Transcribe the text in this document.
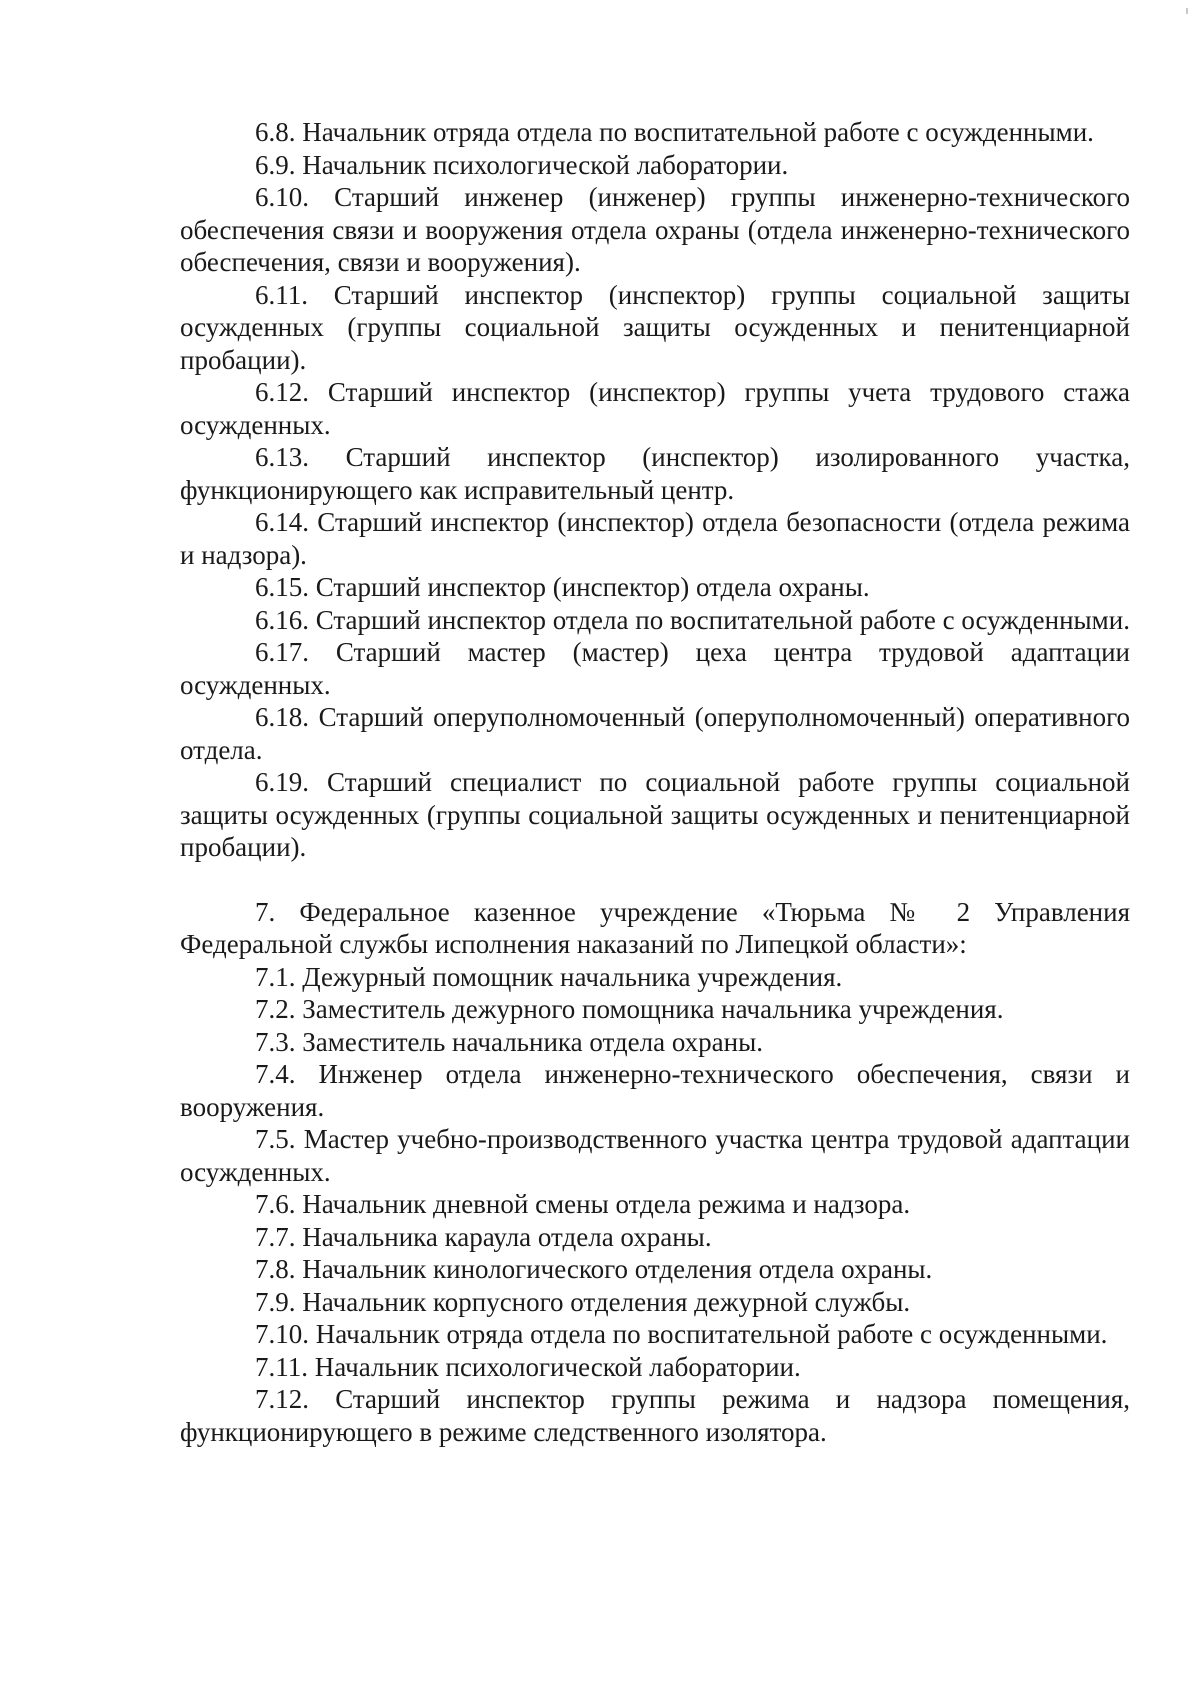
6.8. Начальник отряда отдела по воспитательной работе с осужденными.

6.9. Начальник психологической лаборатории.

6.10. Старший инженер (инженер) группы инженерно-технического обеспечения связи и вооружения отдела охраны (отдела инженерно-технического обеспечения, связи и вооружения).

6.11. Старший инспектор (инспектор) группы социальной защиты осужденных (группы социальной защиты осужденных и пенитенциарной пробации).

6.12. Старший инспектор (инспектор) группы учета трудового стажа осужденных.

6.13. Старший инспектор (инспектор) изолированного участка, функционирующего как исправительный центр.

6.14. Старший инспектор (инспектор) отдела безопасности (отдела режима и надзора).

6.15. Старший инспектор (инспектор) отдела охраны.

6.16. Старший инспектор отдела по воспитательной работе с осужденными.

6.17. Старший мастер (мастер) цеха центра трудовой адаптации осужденных.

6.18. Старший оперуполномоченный (оперуполномоченный) оперативного отдела.

6.19. Старший специалист по социальной работе группы социальной защиты осужденных (группы социальной защиты осужденных и пенитенциарной пробации).

7. Федеральное казенное учреждение «Тюрьма № 2 Управления Федеральной службы исполнения наказаний по Липецкой области»:

7.1. Дежурный помощник начальника учреждения.

7.2. Заместитель дежурного помощника начальника учреждения.

7.3. Заместитель начальника отдела охраны.

7.4. Инженер отдела инженерно-технического обеспечения, связи и вооружения.

7.5. Мастер учебно-производственного участка центра трудовой адаптации осужденных.

7.6. Начальник дневной смены отдела режима и надзора.

7.7. Начальника караула отдела охраны.

7.8. Начальник кинологического отделения отдела охраны.

7.9. Начальник корпусного отделения дежурной службы.

7.10. Начальник отряда отдела по воспитательной работе с осужденными.

7.11. Начальник психологической лаборатории.

7.12. Старший инспектор группы режима и надзора помещения, функционирующего в режиме следственного изолятора.
